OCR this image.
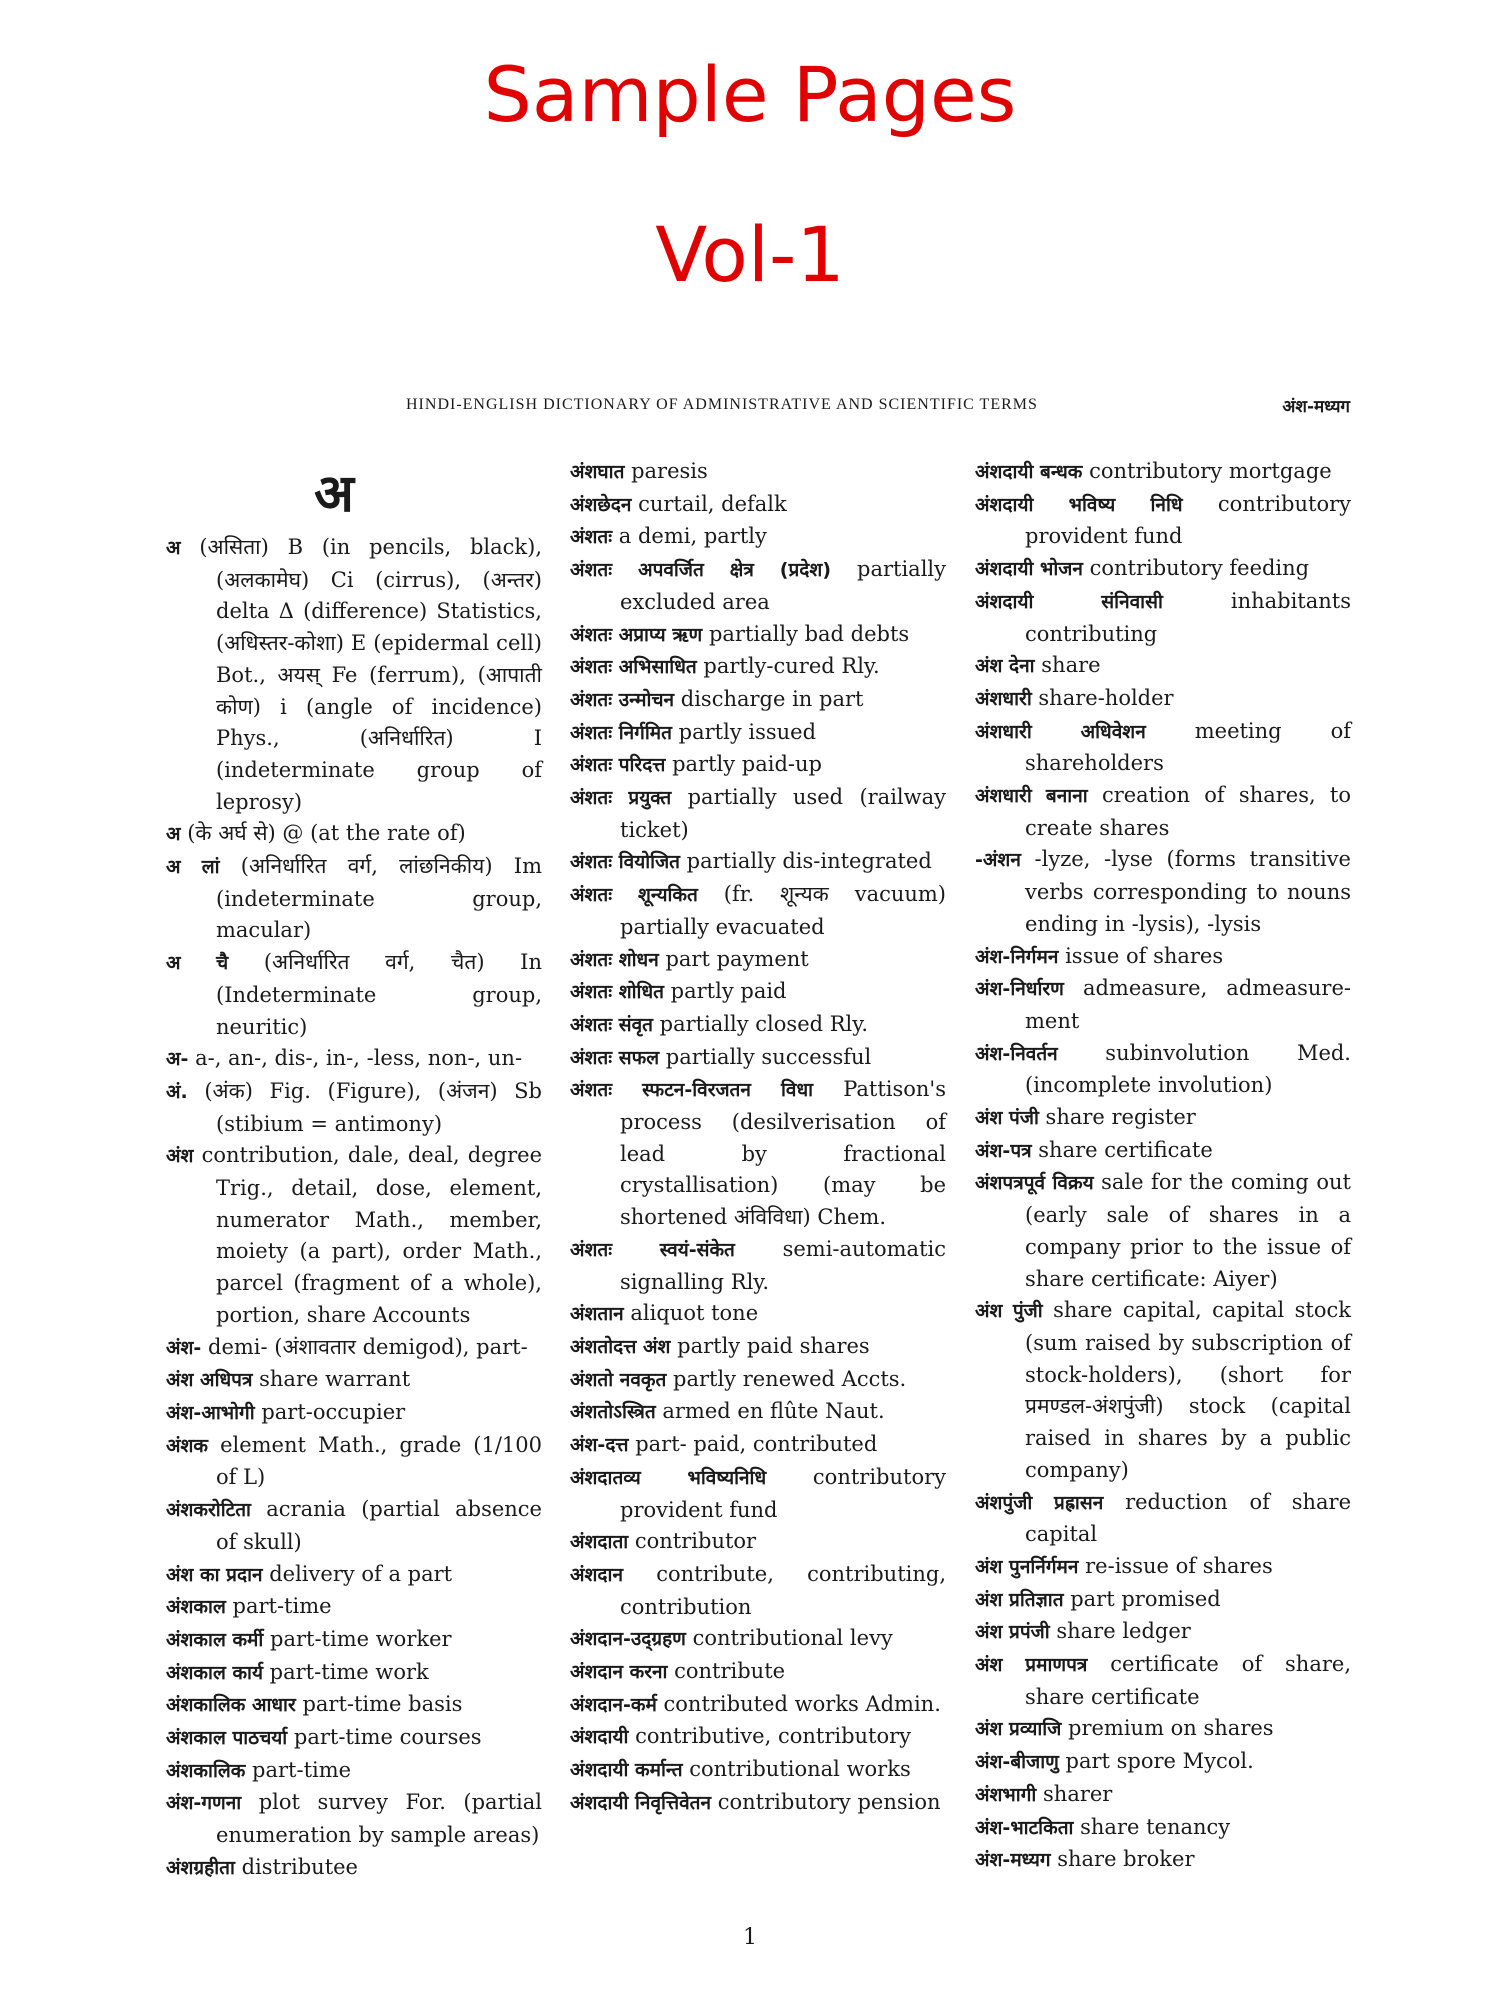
Sample Pages
Vol-1
HINDI-ENGLISH DICTIONARY OF ADMINISTRATIVE AND SCIENTIFIC TERMS	अंश-मध्यग
अ

अ (असिता) B (in pencils, black), (अलकामेघ) Ci (cirrus), (अन्तर) delta Δ (difference) Statistics, (अधिस्तर-कोशा) E (epidermal cell) Bot., अयस् Fe (ferrum), (आपाती कोण) i (angle of incidence) Phys., (अनिर्धारित) I (indeterminate group of leprosy)

अ (के अर्घ से) @ (at the rate of)

अ लां (अनिर्धारित वर्ग, लांछनिकीय) Im (indeterminate group, macular)

अ चै (अनिर्धारित वर्ग, चैत) In (Indeterminate group, neuritic)

अ- a-, an-, dis-, in-, -less, non-, un-

अं. (अंक) Fig. (Figure), (अंजन) Sb (stibium = antimony)

अंश contribution, dale, deal, degree Trig., detail, dose, element, numerator Math., member, moiety (a part), order Math., parcel (fragment of a whole), portion, share Accounts

अंश- demi- (अंशावतार demigod), part-

अंश अधिपत्र share warrant

अंश-आभोगी part-occupier

अंशक element Math., grade (1/100 of L)

अंशकरोटिता acrania (partial absence of skull)

अंश का प्रदान delivery of a part

अंशकाल part-time

अंशकाल कर्मी part-time worker

अंशकाल कार्य part-time work

अंशकालिक आधार part-time basis

अंशकाल पाठचर्या part-time courses

अंशकालिक part-time

अंश-गणना plot survey For. (partial enumeration by sample areas)

अंशग्रहीता distributee

अंशघात paresis

अंशछेदन curtail, defalk

अंशतः a demi, partly

अंशतः अपवर्जित क्षेत्र (प्रदेश) partially excluded area

अंशतः अप्राप्य ऋण partially bad debts

अंशतः अभिसाधित partly-cured Rly.

अंशतः उन्मोचन discharge in part

अंशतः निर्गमित partly issued

अंशतः परिदत्त partly paid-up

अंशतः प्रयुक्त partially used (railway ticket)

अंशतः वियोजित partially dis-integrated

अंशतः शून्यकित (fr. शून्यक vacuum) partially evacuated

अंशतः शोधन part payment

अंशतः शोधित partly paid

अंशतः संवृत partially closed Rly.

अंशतः सफल partially successful

अंशतः स्फटन-विरजतन विधा Pattison's process (desilverisation of lead by fractional crystallisation) (may be shortened अंविविधा) Chem.

अंशतः स्वयं-संकेत semi-automatic signalling Rly.

अंशतान aliquot tone

अंशतोदत्त अंश partly paid shares

अंशतो नवकृत partly renewed Accts.

अंशतोऽस्त्रित armed en flûte Naut.

अंश-दत्त part- paid, contributed

अंशदातव्य भविष्यनिधि contributory provident fund

अंशदाता contributor

अंशदान contribute, contributing, contribution

अंशदान-उद्ग्रहण contributional levy

अंशदान करना contribute

अंशदान-कर्म contributed works Admin.

अंशदायी contributive, contributory

अंशदायी कर्मान्त contributional works

अंशदायी निवृत्तिवेतन contributory pension

अंशदायी बन्धक contributory mortgage

अंशदायी भविष्य निधि contributory provident fund

अंशदायी भोजन contributory feeding

अंशदायी संनिवासी inhabitants contributing

अंश देना share

अंशधारी share-holder

अंशधारी अधिवेशन meeting of shareholders

अंशधारी बनाना creation of shares, to create shares

-अंशन -lyze, -lyse (forms transitive verbs corresponding to nouns ending in -lysis), -lysis

अंश-निर्गमन issue of shares

अंश-निर्धारण admeasure, admeasure-ment

अंश-निवर्तन subinvolution Med. (incomplete involution)

अंश पंजी share register

अंश-पत्र share certificate

अंशपत्रपूर्व विक्रय sale for the coming out (early sale of shares in a company prior to the issue of share certificate: Aiyer)

अंश पुंजी share capital, capital stock (sum raised by subscription of stock-holders), (short for प्रमण्डल-अंशपुंजी) stock (capital raised in shares by a public company)

अंशपुंजी प्रह्रासन reduction of share capital

अंश पुनर्निर्गमन re-issue of shares

अंश प्रतिज्ञात part promised

अंश प्रपंजी share ledger

अंश प्रमाणपत्र certificate of share, share certificate

अंश प्रव्याजि premium on shares

अंश-बीजाणु part spore Mycol.

अंशभागी sharer

अंश-भाटकिता share tenancy

अंश-मध्यग share broker

1
